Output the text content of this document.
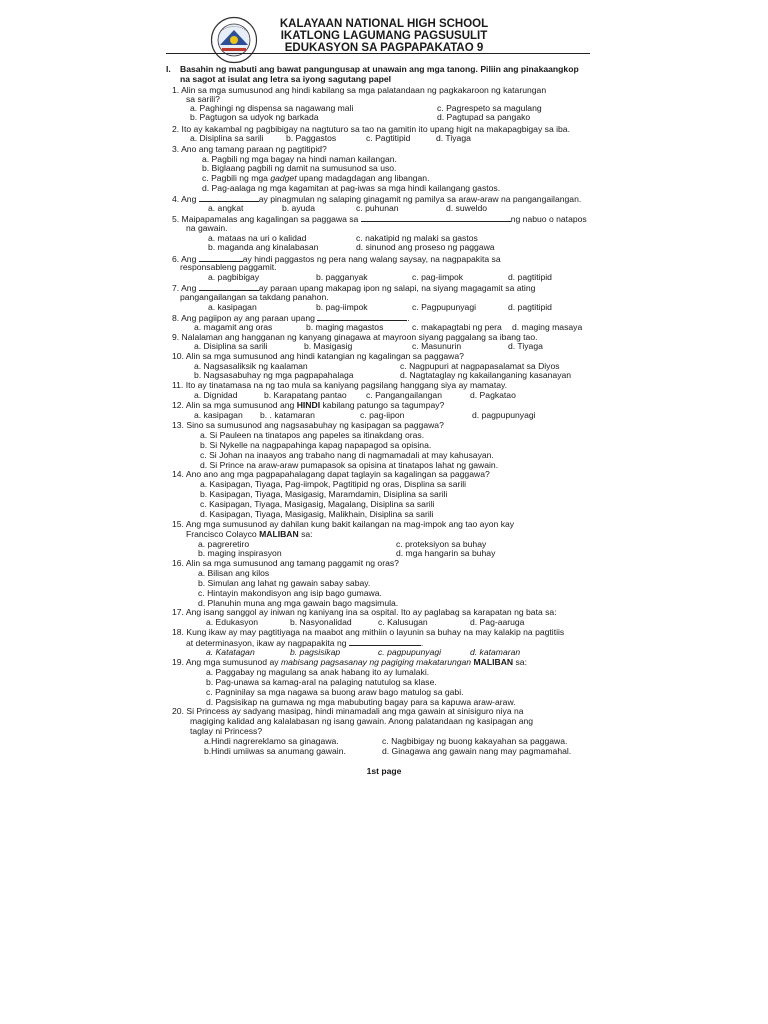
KALAYAAN NATIONAL HIGH SCHOOL
IKATLONG LAGUMANG PAGSUSULIT
EDUKASYON SA PAGPAPAKATAO 9
I. Basahin ng mabuti ang bawat pangungusap at unawain ang mga tanong. Piliin ang pinakaangkop
na sagot at isulat ang letra sa iyong sagutang papel
1. Alin sa mga sumusunod ang hindi kabilang sa mga palatandaan ng pagkakaroon ng katarungan
sa sarili?
a. Paghingi ng dispensa sa nagawang mali	c. Pagrespeto sa magulang
b. Pagtugon sa udyok ng barkada	d. Pagtupad sa pangako
2. Ito ay kakambal ng pagbibigay na nagtuturo sa tao na gamitin ito upang higit na makapagbigay sa iba.
a. Disiplina sa sarili	b. Paggastos	c. Pagtitipid	d. Tiyaga
3. Ano ang tamang paraan ng pagtitipid?
a. Pagbili ng mga bagay na hindi naman kailangan.
b. Biglaang pagbili ng damit na sumusunod sa uso.
c. Pagbili ng mga gadget upang madagdagan ang libangan.
d. Pag-aalaga ng mga kagamitan at pag-iwas sa mga hindi kailangang gastos.
4. Ang	ay pinagmulan ng salaping ginagamit ng pamilya sa araw-araw na pangangailangan.
a. angkat	b. ayuda	c. puhunan	d. suweldo
5. Maipapamalas ang kagalingan sa paggawa sa	ng nabuo o natapos
na gawain.
a. mataas na uri o kalidad	c. nakatipid ng malaki sa gastos
b. maganda ang kinalabasan	d. sinunod ang proseso ng paggawa
6. Ang	ay hindi paggastos ng pera nang walang saysay, na nagpapakita sa
responsableng paggamit.
a. pagbibigay	b. pagganyak	c. pag-iimpok	d. pagtitipid
7. Ang	ay paraan upang makapag ipon ng salapi, na siyang magagamit sa ating
pangangailangan sa takdang panahon.
a. kasipagan	b. pag-iimpok	c. Pagpupunyagi	d. pagtitipid
8. Ang pagiipon ay ang paraan upang	.
a. magamit ang oras	b. maging magastos	c. makapagtabi ng pera d. maging masaya
9. Nalalaman ang hangganan ng kanyang ginagawa at mayroon siyang paggalang sa ibang tao.
a. Disiplina sa sarili	b. Masigasig	c. Masunurin	d. Tiyaga
10. Alin sa mga sumusunod ang hindi katangian ng kagalingan sa paggawa?
a. Nagsasaliksik ng kaalaman	c. Nagpupuri at nagpapasalamat sa Diyos
b. Nagsasabuhay ng mga pagpapahalaga	d. Nagtataglay ng kakailanganing kasanayan
11. Ito ay tinatamasa na ng tao mula sa kaniyang pagsilang hanggang siya ay mamatay.
a. Dignidad	b. Karapatang pantao c. Pangangailangan	d. Pagkatao
12. Alin sa mga sumusunod ang HINDI kabilang patungo sa tagumpay?
a. kasipagan b. . katamaran	c. pag-iipon	d. pagpupunyagi
13. Sino sa sumusunod ang nagsasabuhay ng kasipagan sa paggawa?
a. Si Pauleen na tinatapos ang papeles sa itinakdang oras.
b. Si Nykelle na nagpapahinga kapag napapagod sa opisina.
c. Si Johan na inaayos ang trabaho nang di nagmamadali at may kahusayan.
d. Si Prince na araw-araw pumapasok sa opisina at tinatapos lahat ng gawain.
14. Ano ano ang mga pagpapahalagang dapat taglayin sa kagalingan sa paggawa?
a. Kasipagan, Tiyaga, Pag-iimpok, Pagtitipid ng oras, Displina sa sarili
b. Kasipagan, Tiyaga, Masigasig, Maramdamin, Disiplina sa sarili
c. Kasipagan, Tiyaga, Masigasig, Magalang, Disiplina sa sarili
d. Kasipagan, Tiyaga, Masigasig, Malikhain, Disiplina sa sarili
15. Ang mga sumusunod ay dahilan kung bakit kailangan na mag-impok ang tao ayon kay
Francisco Colayco MALIBAN sa:
a. pagreretiro	c. proteksiyon sa buhay
b. maging inspirasyon	d. mga hangarin sa buhay
16. Alin sa mga sumusunod ang tamang paggamit ng oras?
a. Bilisan ang kilos
b. Simulan ang lahat ng gawain sabay sabay.
c. Hintayin makondisyon ang isip bago gumawa.
d. Planuhin muna ang mga gawain bago magsimula.
17. Ang isang sanggol ay iniwan ng kaniyang ina sa ospital. Ito ay paglabag sa karapatan ng bata sa:
a. Edukasyon	b. Nasyonalidad	c. Kalusugan	d. Pag-aaruga
18. Kung ikaw ay may pagtitiyaga na maabot ang mithiin o layunin sa buhay na may kalakip na pagtitiis
at determinasyon, ikaw ay nagpapakita ng	.
a. Katatagan	b. pagsisikap	c. pagpupunyagi	d. katamaran
19. Ang mga sumusunod ay mabisang pagsasanay ng pagiging makatarungan MALIBAN sa:
a. Paggabay ng magulang sa anak habang ito ay lumalaki.
b. Pag-unawa sa kamag-aral na palaging natutulog sa klase.
c. Pagninilay sa mga nagawa sa buong araw bago matulog sa gabi.
d. Pagsisikap na gumawa ng mga mabubuting bagay para sa kapuwa araw-araw.
20. Si Princess ay sadyang masipag, hindi minamadali ang mga gawain at sinisiguro niya na
magiging kalidad ang kalalabasan ng isang gawain. Anong palatandaan ng kasipagan ang
taglay ni Princess?
a.Hindi nagrereklamo sa ginagawa.	c. Nagbibigay ng buong kakayahan sa paggawa.
b.Hindi umiiwas sa anumang gawain.	d. Ginagawa ang gawain nang may pagmamahal.
1st page
